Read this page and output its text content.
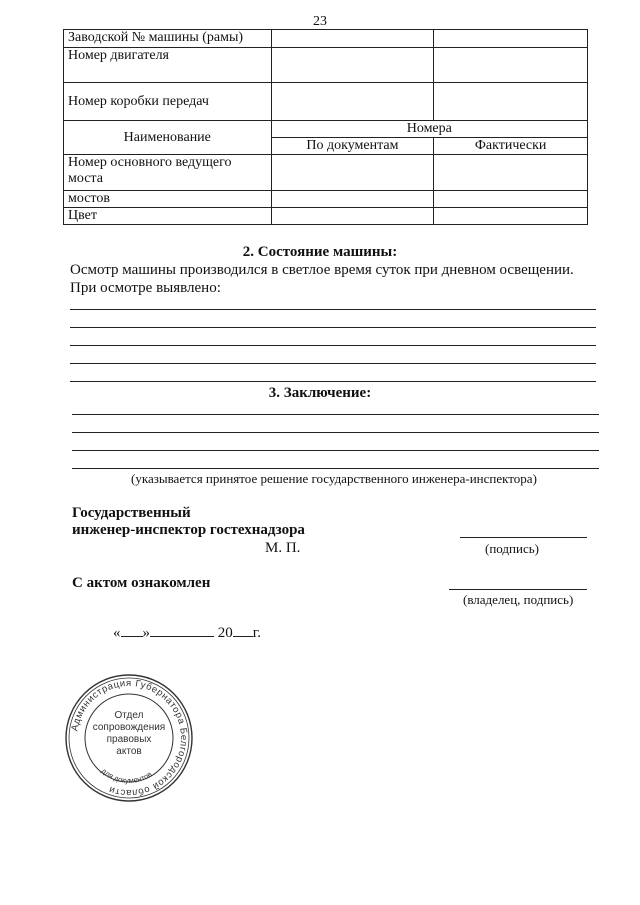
23
Заводской № машины (рамы)		
Номер двигателя		
Номер коробки передач		
Наименование	Номера	
	По документам	Фактически
Номер основного ведущего моста		
мостов		
Цвет		
2. Состояние машины:
Осмотр машины производился в светлое время суток при дневном освещении.
При осмотре выявлено:
3. Заключение:
(указывается принятое решение государственного инженера-инспектора)
Государственный
инженер-инспектор гостехнадзора
М. П.	(подпись)
С актом ознакомлен
(владелец, подпись)
« »	20 г.
Администрация Губернатора Белгородской области
Отдел
сопровождения
правовых
актов
для документов
